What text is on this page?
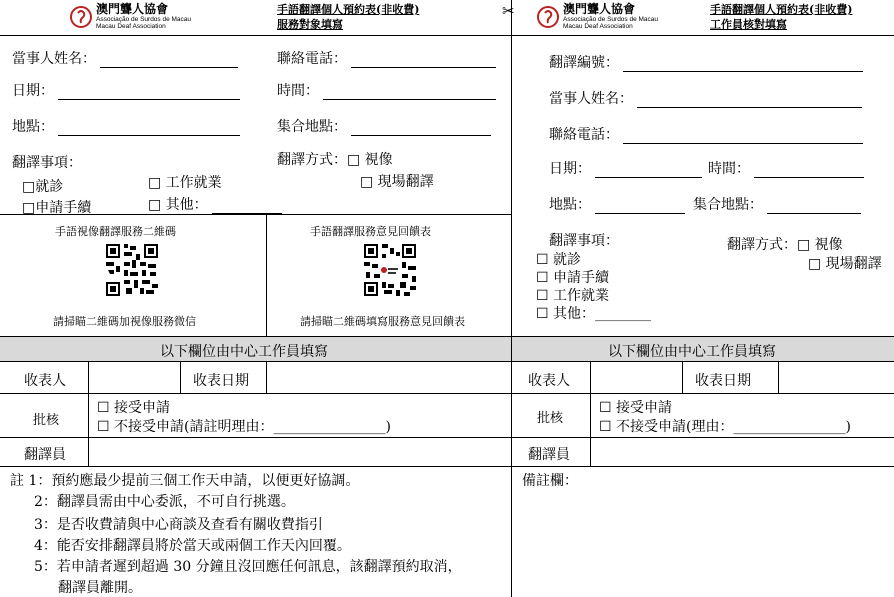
澳門聾人協會
Associação de Surdos de Macau
Macau Deaf Association
手語翻譯個人預約表(非收費)
服務對象填寫
當事人姓名：	聯絡電話：
日期：	時間：
地點：	集合地點：
翻譯事項：
□就診	□ 工作就業
□申請手續	□ 其他：
翻譯方式：□ 視像
□ 現場翻譯
手語視像翻譯服務二維碼
請掃瞄二維碼加視像服務微信
手語翻譯服務意見回饋表
請掃瞄二維碼填寫服務意見回饋表
以下欄位由中心工作員填寫
收表人	收表日期
批核
☐ 接受申請
☐ 不接受申請(請註明理由：________________)
翻譯員
註 1：預約應最少提前三個工作天申請，以便更好協調。
2：翻譯員需由中心委派，不可自行挑選。
3：是否收費請與中心商談及查看有關收費指引
4：能否安排翻譯員將於當天或兩個工作天內回覆。
5：若申請者遲到超過 30 分鐘且沒回應任何訊息，該翻譯預約取消，
翻譯員離開。
✂	澳門聾人協會
Associação de Surdos de Macau
Macau Deaf Association
手語翻譯個人預約表(非收費)
工作員核對填寫
翻譯編號：
當事人姓名：
聯絡電話：
日期：	時間：
地點：	集合地點：
翻譯事項：
☐ 就診
☐ 申請手續
☐ 工作就業
☐ 其他：________
翻譯方式：□ 視像
□ 現場翻譯
以下欄位由中心工作員填寫
收表人	收表日期
批核
☐ 接受申請
☐ 不接受申請(理由：________________)
翻譯員
備註欄：
